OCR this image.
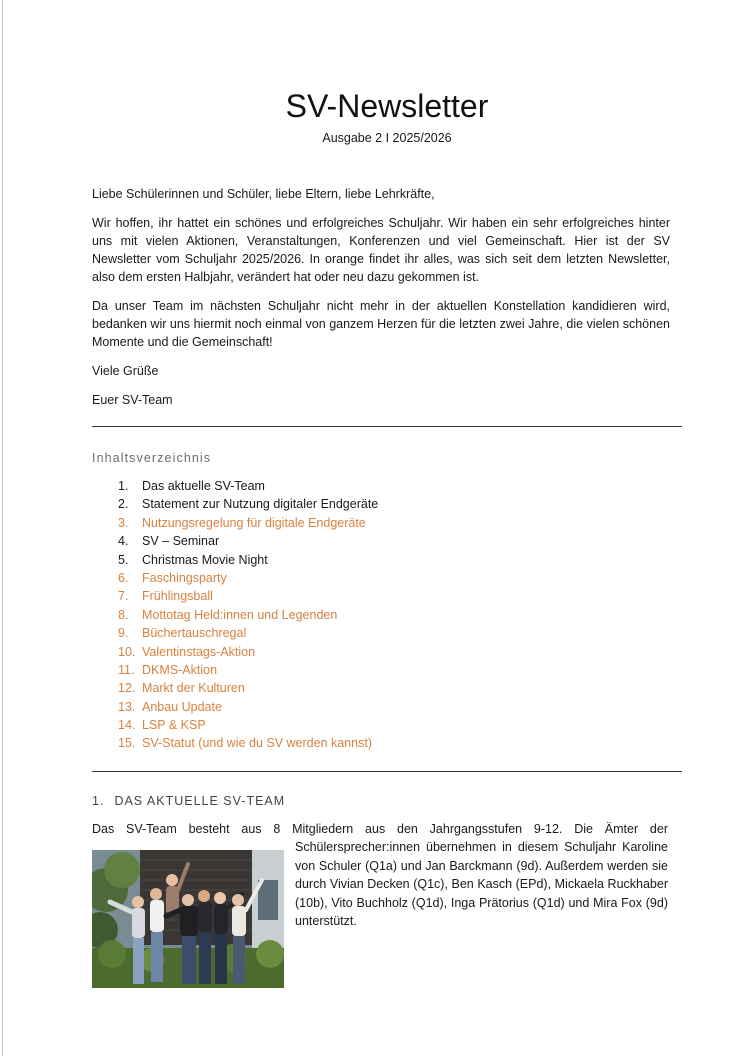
SV-Newsletter
Ausgabe 2 I 2025/2026

Liebe Schülerinnen und Schüler, liebe Eltern, liebe Lehrkräfte,

Wir hoffen, ihr hattet ein schönes und erfolgreiches Schuljahr. Wir haben ein sehr erfolgreiches hinter uns mit vielen Aktionen, Veranstaltungen, Konferenzen und viel Gemeinschaft. Hier ist der SV Newsletter vom Schuljahr 2025/2026. In orange findet ihr alles, was sich seit dem letzten Newsletter, also dem ersten Halbjahr, verändert hat oder neu dazu gekommen ist.

Da unser Team im nächsten Schuljahr nicht mehr in der aktuellen Konstellation kandidieren wird, bedanken wir uns hiermit noch einmal von ganzem Herzen für die letzten zwei Jahre, die vielen schönen Momente und die Gemeinschaft!

Viele Grüße

Euer SV-Team

Inhaltsverzeichnis
1.	Das aktuelle SV-Team
2.	Statement zur Nutzung digitaler Endgeräte
3.	Nutzungsregelung für digitale Endgeräte
4.	SV – Seminar
5.	Christmas Movie Night
6.	Faschingsparty
7.	Frühlingsball
8.	Mottotag Held:innen und Legenden
9.	Büchertauschregal
10. Valentinstags-Aktion
11. DKMS-Aktion
12. Markt der Kulturen
13. Anbau Update
14. LSP & KSP
15. SV-Statut (und wie du SV werden kannst)
1. DAS AKTUELLE SV-TEAM
Das SV-Team besteht aus 8 Mitgliedern aus den Jahrgangsstufen 9-12. Die Ämter der
Schülersprecher:innen übernehmen in diesem Schuljahr Karoline von Schuler (Q1a) und Jan Barckmann (9d). Außerdem werden sie durch Vivian Decken (Q1c), Ben Kasch (EPd), Mickaela Ruckhaber (10b), Vito Buchholz (Q1d), Inga Prätorius (Q1d) und Mira Fox (9d) unterstützt.
